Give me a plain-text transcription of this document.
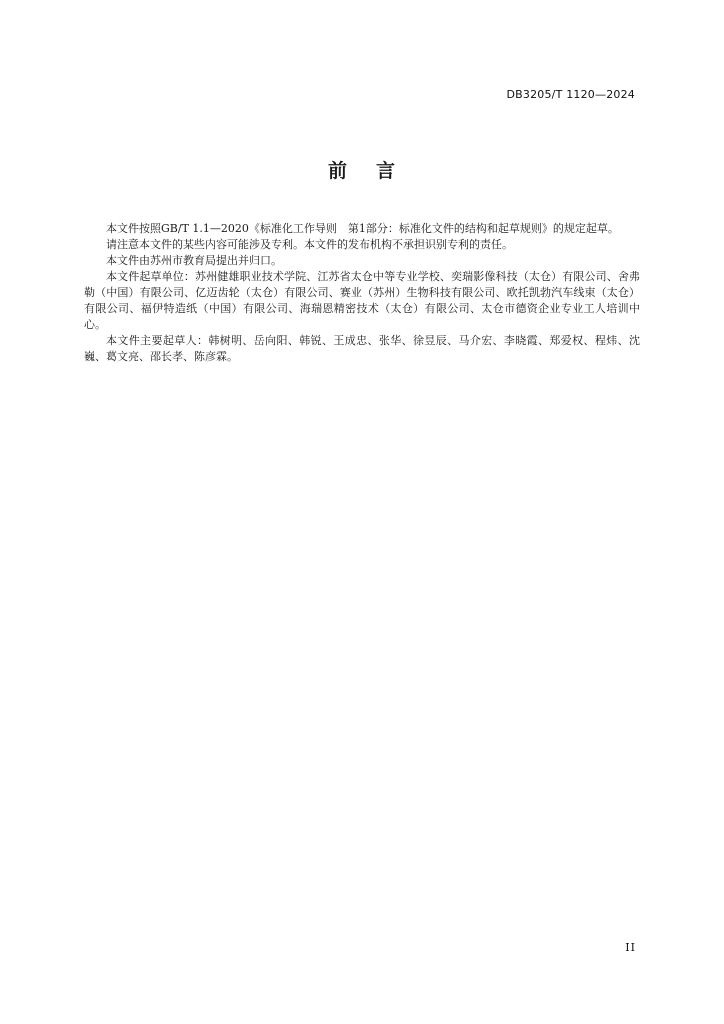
DB3205/T 1120—2024
前 言

本文件按照GB/T 1.1—2020《标准化工作导则　第1部分：标准化文件的结构和起草规则》的规定起草。

请注意本文件的某些内容可能涉及专利。本文件的发布机构不承担识别专利的责任。

本文件由苏州市教育局提出并归口。

本文件起草单位：苏州健雄职业技术学院、江苏省太仓中等专业学校、奕瑞影像科技（太仓）有限公司、舍弗勒（中国）有限公司、亿迈齿轮（太仓）有限公司、赛业（苏州）生物科技有限公司、欧托凯勃汽车线束（太仓）有限公司、福伊特造纸（中国）有限公司、海瑞恩精密技术（太仓）有限公司、太仓市德资企业专业工人培训中心。

本文件主要起草人：韩树明、岳向阳、韩锐、王成忠、张华、徐昱辰、马介宏、李晓霞、郑爱权、程炜、沈巍、葛文亮、邵长孝、陈彦霖。

II
